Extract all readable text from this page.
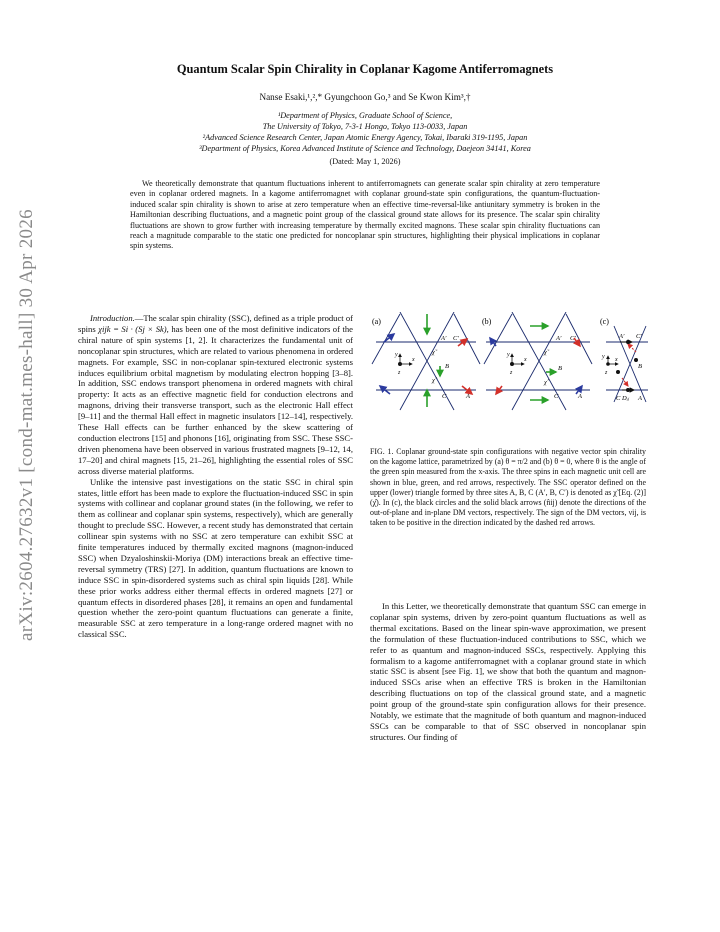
arXiv:2604.27632v1 [cond-mat.mes-hall] 30 Apr 2026
Quantum Scalar Spin Chirality in Coplanar Kagome Antiferromagnets
Nanse Esaki,¹,²,* Gyungchoon Go,³ and Se Kwon Kim³,†
¹Department of Physics, Graduate School of Science,
The University of Tokyo, 7-3-1 Hongo, Tokyo 113-0033, Japan
²Advanced Science Research Center, Japan Atomic Energy Agency, Tokai, Ibaraki 319-1195, Japan
³Department of Physics, Korea Advanced Institute of Science and Technology, Daejeon 34141, Korea
(Dated: May 1, 2026)
We theoretically demonstrate that quantum fluctuations inherent to antiferromagnets can generate scalar spin chirality at zero temperature even in coplanar ordered magnets. In a kagome antiferromagnet with coplanar ground-state spin configurations, the quantum-fluctuation-induced scalar spin chirality is shown to arise at zero temperature when an effective time-reversal-like antiunitary symmetry is broken in the Hamiltonian describing fluctuations, and a magnetic point group of the classical ground state allows for its presence. The scalar spin chirality fluctuations are shown to grow further with increasing temperature by thermally excited magnons. These scalar spin chirality fluctuations can reach a magnitude comparable to the static one predicted for noncoplanar spin structures, highlighting their physical implications in coplanar spin systems.

Introduction.—The scalar spin chirality (SSC), defined as a triple product of spins χijk = Si · (Sj × Sk), has been one of the most definitive indicators of the chiral nature of spin systems [1, 2]. It characterizes the fundamental unit of noncoplanar spin structures, which are related to various phenomena in ordered magnets. For example, SSC in non-coplanar spin-textured electronic systems induces equilibrium orbital magnetism by modulating electron hopping [3–8]. In addition, SSC endows transport phenomena in ordered magnets with chiral property: It acts as an effective magnetic field for conduction electrons and magnons, driving their transverse transport, such as the electronic Hall effect [9–11] and the thermal Hall effect in magnetic insulators [12–14], respectively. These Hall effects can be further enhanced by the skew scattering of conduction electrons [15] and phonons [16], originating from SSC. These SSC-driven phenomena have been observed in various frustrated magnets [9–12, 14, 17–20] and chiral magnets [15, 21–26], highlighting the essential roles of SSC across diverse material platforms.

Unlike the intensive past investigations on the static SSC in chiral spin states, little effort has been made to explore the fluctuation-induced SSC in spin systems with collinear and coplanar ground states (in the following, we refer to them as collinear and coplanar spin systems, respectively), which are generally thought to preclude SSC. However, a recent study has demonstrated that certain collinear spin systems with no SSC at zero temperature can exhibit SSC at finite temperatures induced by thermally excited magnons (magnon-induced SSC) when Dzyaloshinskii-Moriya (DM) interactions break an effective time-reversal symmetry (TRS) [27]. In addition, quantum fluctuations are known to induce SSC in spin-disordered systems such as chiral spin liquids [28]. While these prior works address either thermal effects in ordered magnets [27] or quantum effects in disordered phases [28], it remains an open and fundamental question whether the zero-point quantum fluctuations can generate a finite, measurable SSC at zero temperature in a long-range ordered magnet with no classical SSC.

(a)	(b)	(c)
A′ C′
B
C	A
χ̃
χ̂
y
x
z
A′ C′
B
C	A
χ̃
χ̂
y
x
z
A′ C′
B
C	A
Dᵢⱼ
y x
z
FIG. 1. Coplanar ground-state spin configurations with negative vector spin chirality on the kagome lattice, parametrized by (a) θ = π/2 and (b) θ = 0, where θ is the angle of the green spin measured from the x-axis. The three spins in each magnetic unit cell are shown in blue, green, and red arrows, respectively. The SSC operator defined on the upper (lower) triangle formed by three sites A, B, C (A′, B, C′) is denoted as χ̃ [Eq. (2)] (χ̂). In (c), the black circles and the solid black arrows (n̂ij) denote the directions of the out-of-plane and in-plane DM vectors, respectively. The sign of the DM vectors, νij, is taken to be positive in the direction indicated by the dashed red arrows.

In this Letter, we theoretically demonstrate that quantum SSC can emerge in coplanar spin systems, driven by zero-point quantum fluctuations as well as thermal excitations. Based on the linear spin-wave approximation, we present the formulation of these fluctuation-induced contributions to SSC, which we refer to as quantum and magnon-induced SSCs, respectively. Applying this formalism to a kagome antiferromagnet with a coplanar ground state in which static SSC is absent [see Fig. 1], we show that both the quantum and magnon-induced SSCs arise when an effective TRS is broken in the Hamiltonian describing fluctuations on top of the classical ground state, and a magnetic point group of the ground-state spin configuration allows for their presence. Notably, we estimate that the magnitude of both quantum and magnon-induced SSCs can be comparable to that of SSC observed in noncoplanar spin structures. Our finding of
